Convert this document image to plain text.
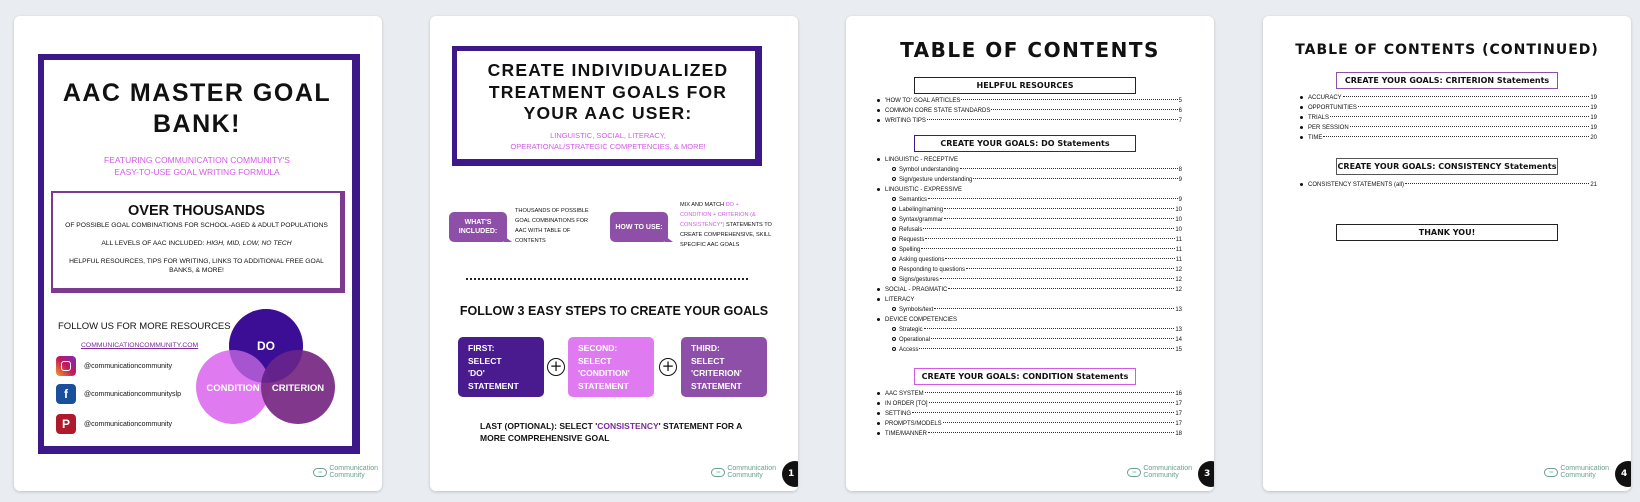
AAC MASTER GOAL BANK!
FEATURING COMMUNICATION COMMUNITY'S
EASY-TO-USE GOAL WRITING FORMULA
OVER THOUSANDS

OF POSSIBLE GOAL COMBINATIONS FOR SCHOOL-AGED & ADULT POPULATIONS

ALL LEVELS OF AAC INCLUDED: HIGH, MID, LOW, NO TECH

HELPFUL RESOURCES, TIPS FOR WRITING, LINKS TO ADDITIONAL FREE GOAL BANKS, & MORE!

FOLLOW US FOR MORE RESOURCES
COMMUNICATIONCOMMUNITY.COM
@communicationcommunity
f	@communicationcommunityslp
P	@communicationcommunity
DO
CONDITION CRITERION
••• Communication
Community
CREATE INDIVIDUALIZED
TREATMENT GOALS FOR
YOUR AAC USER:
LINGUISTIC, SOCIAL, LITERACY,
OPERATIONAL/STRATEGIC COMPETENCIES, & MORE!
WHAT'S
INCLUDED:
THOUSANDS OF POSSIBLE
GOAL COMBINATIONS FOR
AAC WITH TABLE OF
CONTENTS
HOW TO USE:
MIX AND MATCH DO +
CONDITION + CRITERION (&
CONSISTENCY*) STATEMENTS TO
CREATE COMPREHENSIVE, SKILL
SPECIFIC AAC GOALS
FOLLOW 3 EASY STEPS TO CREATE YOUR GOALS
FIRST:
SELECT
'DO'
STATEMENT
+
SECOND:
SELECT
'CONDITION'
STATEMENT
+
THIRD:
SELECT
'CRITERION'
STATEMENT
LAST (OPTIONAL): SELECT 'CONSISTENCY' STATEMENT FOR A MORE COMPREHENSIVE GOAL
••• Communication
Community	1
TABLE OF CONTENTS
HELPFUL RESOURCES
'HOW TO' GOAL ARTICLES	5
COMMON CORE STATE STANDARDS	6
WRITING TIPS	7
CREATE YOUR GOALS: DO Statements
LINGUISTIC - RECEPTIVE
Symbol understanding	8
Sign/gesture understanding	9
LINGUISTIC - EXPRESSIVE
Semantics	9
Labeling/naming	10
Syntax/grammar	10
Refusals	10
Requests	11
Spelling	11
Asking questions	11
Responding to questions	12
Signs/gestures	12
SOCIAL - PRAGMATIC	12
LITERACY
Symbols/text	13
DEVICE COMPETENCIES
Strategic	13
Operational	14
Access	15
CREATE YOUR GOALS: CONDITION Statements
AAC SYSTEM	16
IN ORDER [TO]	17
SETTING	17
PROMPTS/MODELS	17
TIME/MANNER	18
••• Communication
Community	3
TABLE OF CONTENTS (CONTINUED)
CREATE YOUR GOALS: CRITERION Statements
ACCURACY	19
OPPORTUNITIES	19
TRIALS	19
PER SESSION	19
TIME	20
CREATE YOUR GOALS: CONSISTENCY Statements
CONSISTENCY STATEMENTS (all)	21
THANK YOU!
••• Communication
Community	4
